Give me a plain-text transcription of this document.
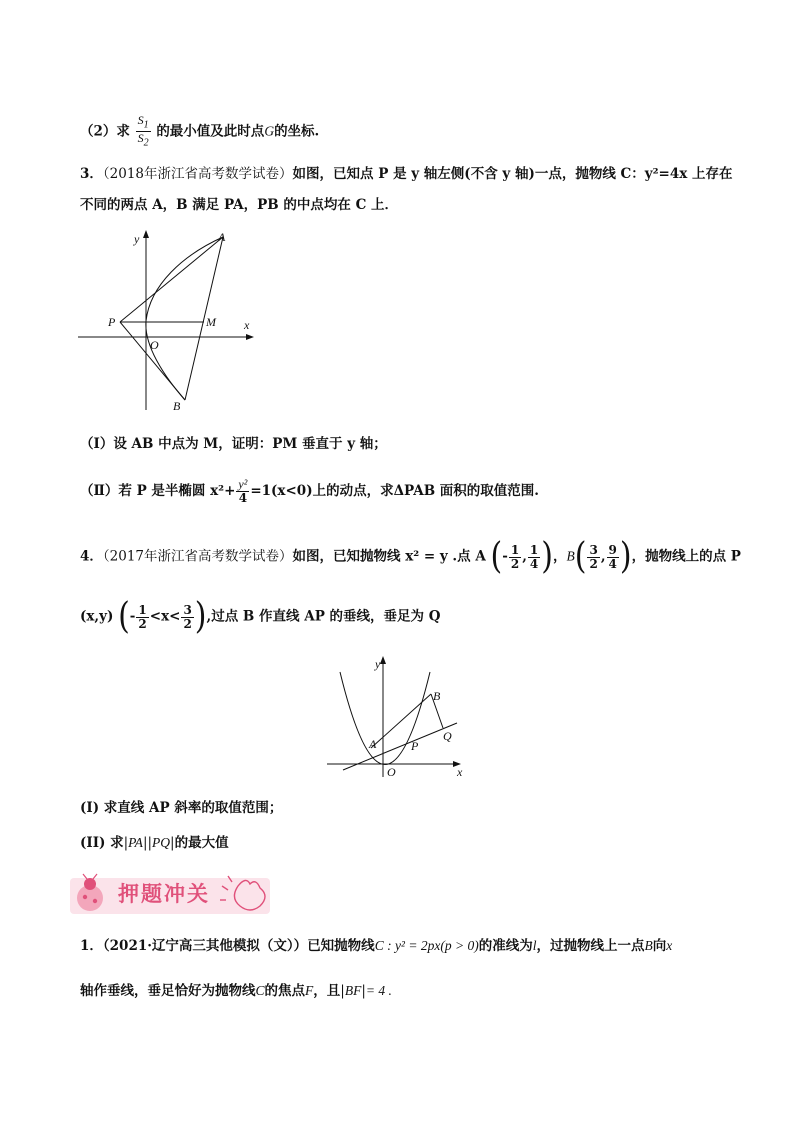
（2）求 $\frac{S_1}{S_2}$ 的最小值及此时点G的坐标.
3．（2018年浙江省高考数学试卷）如图，已知点 P 是 y 轴左侧(不含 y 轴)一点，抛物线 C：y²=4x 上存在
不同的两点 A，B 满足 PA，PB 的中点均在 C 上．
y
x
A
P	M
O
B
（Ⅰ）设 AB 中点为 M，证明：PM 垂直于 y 轴；
（Ⅱ）若 P 是半椭圆 $x^2+ \frac{\text{y²}}{4} =1(x<0)$上的动点，求ΔPAB 面积的取值范围.
4．（2017年浙江省高考数学试卷）如图，已知抛物线 x² = y .点 A (- $\frac{1}{2}$ , $\frac{1}{4}$ )，$B( \frac{3}{2}$ , $\frac{9}{4}$ )，抛物线上的点 P
(x,y) (- $\frac{1}{2} <x< \frac{3}{2}$ ),过点 B 作直线 AP 的垂线，垂足为 Q
y
x
B
Q
A	P
O
(I) 求直线 AP 斜率的取值范围；
(II) 求|PA||PQ|的最大值
押题冲关
1．（2021·辽宁高三其他模拟（文））已知抛物线C : y² = 2px(p > 0)的准线为l，过抛物线上一点B向x
轴作垂线，垂足恰好为抛物线C的焦点F，且|BF|= 4 .
